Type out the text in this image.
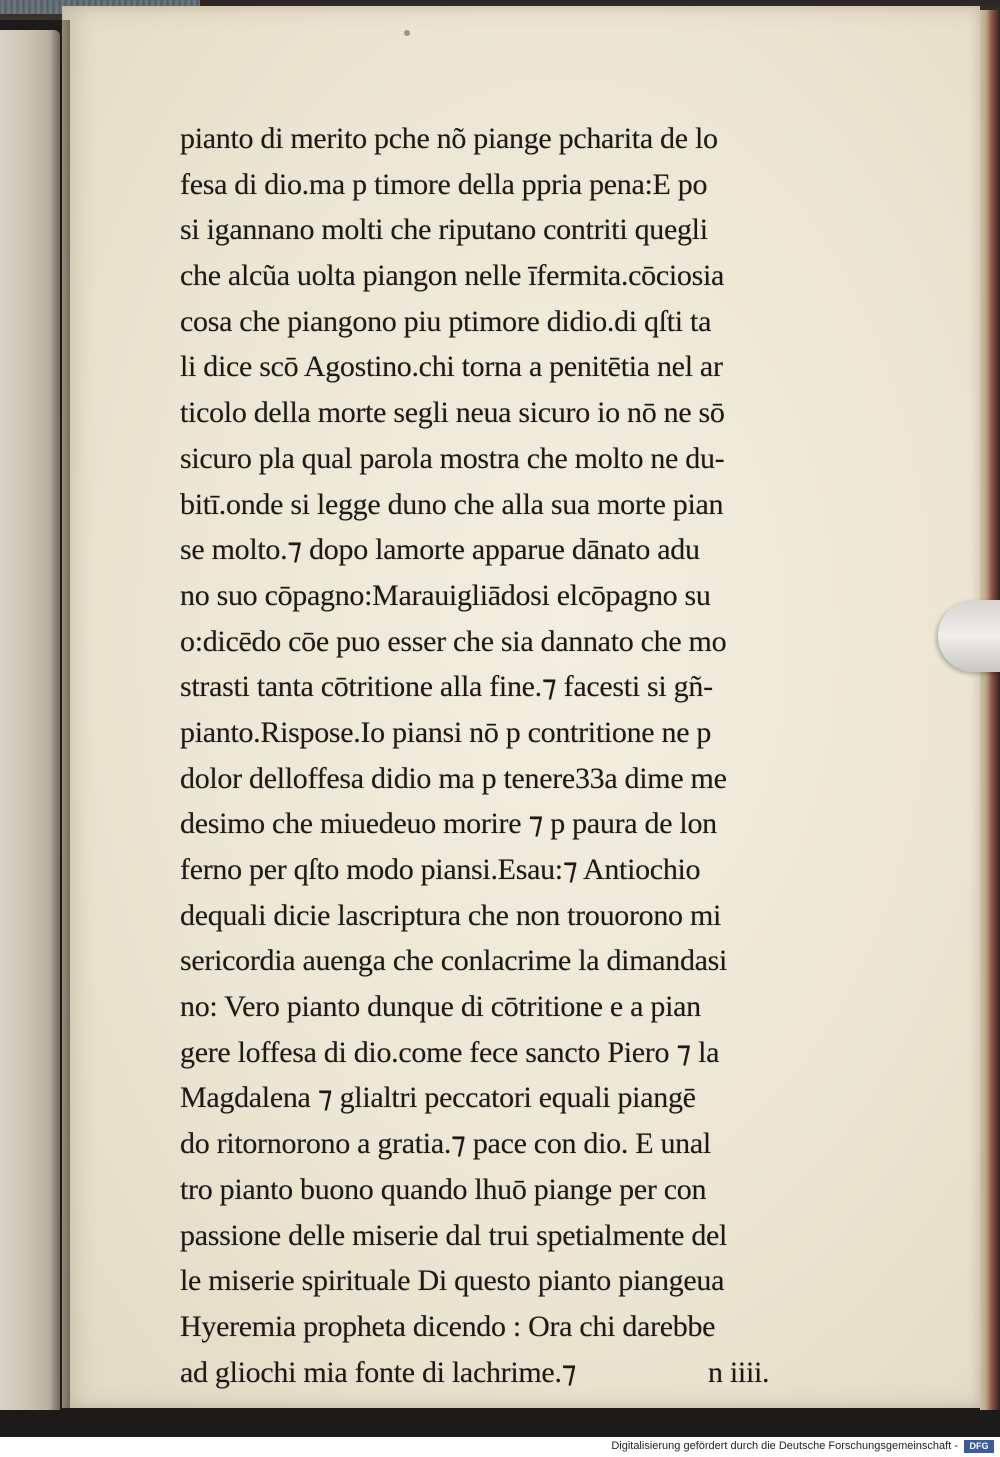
pianto di merito pche nõ piange pcharita de lo
fesa di dio.ma p timore della ppria pena:E po
si igannano molti che riputano contriti quegli
che alcũa uolta piangon nelle īfermita.cōciosia
cosa che piangono piu ptimore didio.di qſti ta
li dice scō Agostino.chi torna a penitētia nel ar
ticolo della morte segli neua sicuro io nō ne sō
sicuro pla qual parola mostra che molto ne du-
bitī.onde si legge duno che alla sua morte pian
se molto.⁊ dopo lamorte apparue dānato adu
no suo cōpagno:Marauigliādosi elcōpagno su
o:dicēdo cōe puo esser che sia dannato che mo
strasti tanta cōtritione alla fine.⁊ facesti si gñ-
pianto.Rispose.Io piansi nō p contritione ne p
dolor delloffesa didio ma p tenere33a dime me
desimo che miuedeuo morire ⁊ p paura de lon
ferno per qſto modo piansi.Esau:⁊ Antiochio
dequali dicie lascriptura che non trouorono mi
sericordia auenga che conlacrime la dimandasi
no: Vero pianto dunque di cōtritione e a pian
gere loffesa di dio.come fece sancto Piero ⁊ la
Magdalena ⁊ glialtri peccatori equali piangē
do ritornorono a gratia.⁊ pace con dio. E unal
tro pianto buono quando lhuō piange per con
passione delle miserie dal trui spetialmente del
le miserie spirituale Di questo pianto piangeua
Hyeremia propheta dicendo : Ora chi darebbe
ad gliochi mia fonte di lachrime.⁊	n iiii.
Digitalisierung gefördert durch die Deutsche Forschungsgemeinschaft -	DFG
